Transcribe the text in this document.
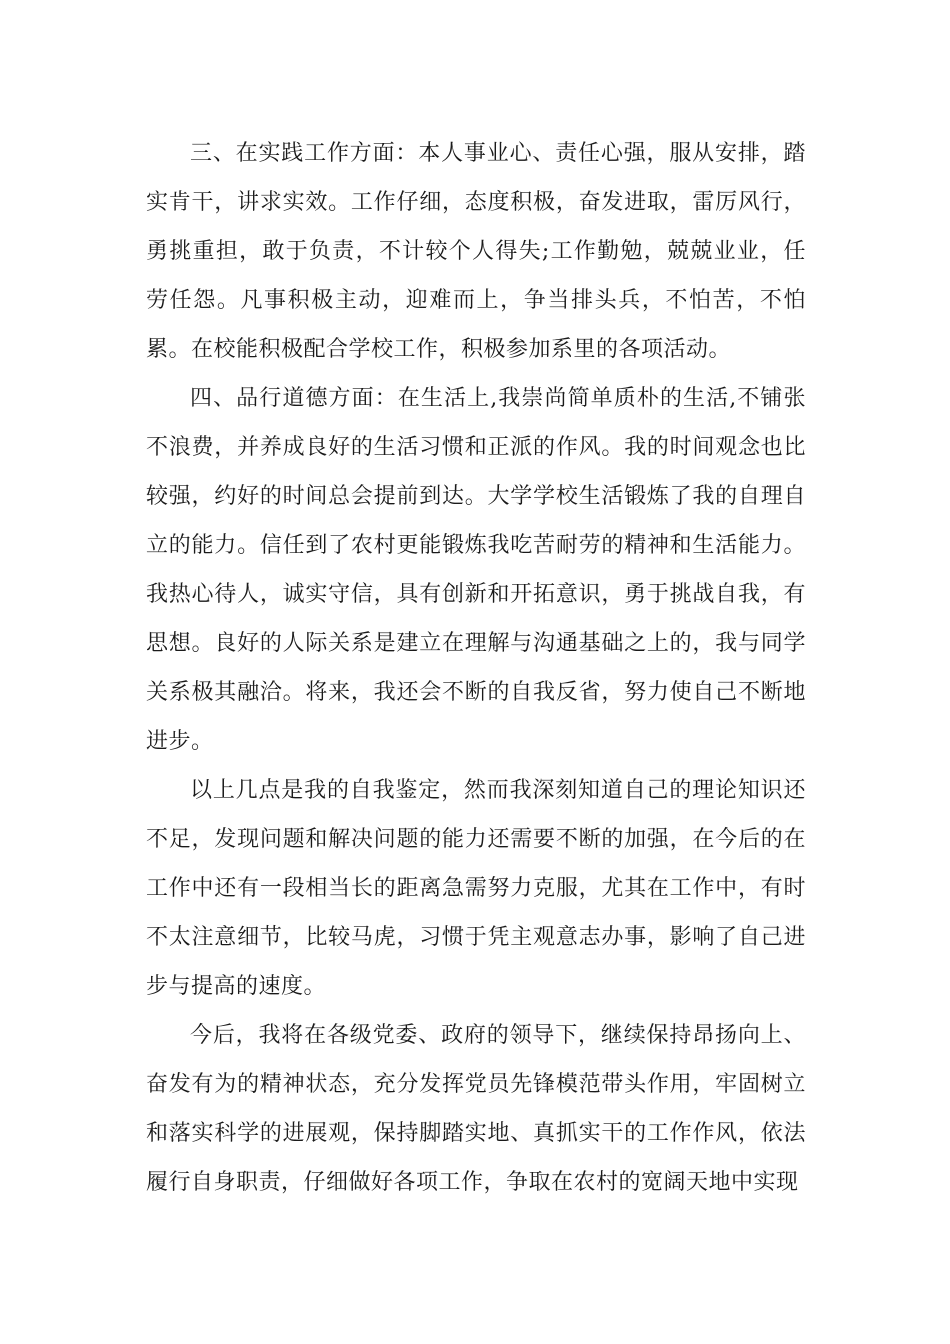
三、在实践工作方面：本人事业心、责任心强，服从安排，踏实肯干，讲求实效。工作仔细，态度积极，奋发进取，雷厉风行，勇挑重担，敢于负责，不计较个人得失;工作勤勉，兢兢业业，任劳任怨。凡事积极主动，迎难而上，争当排头兵，不怕苦，不怕累。在校能积极配合学校工作，积极参加系里的各项活动。

四、品行道德方面：在生活上,我崇尚简单质朴的生活,不铺张不浪费，并养成良好的生活习惯和正派的作风。我的时间观念也比较强，约好的时间总会提前到达。大学学校生活锻炼了我的自理自立的能力。信任到了农村更能锻炼我吃苦耐劳的精神和生活能力。我热心待人，诚实守信，具有创新和开拓意识，勇于挑战自我，有思想。良好的人际关系是建立在理解与沟通基础之上的，我与同学关系极其融洽。将来，我还会不断的自我反省，努力使自己不断地进步。

以上几点是我的自我鉴定，然而我深刻知道自己的理论知识还不足，发现问题和解决问题的能力还需要不断的加强，在今后的在工作中还有一段相当长的距离急需努力克服，尤其在工作中，有时不太注意细节，比较马虎，习惯于凭主观意志办事，影响了自己进步与提高的速度。

今后，我将在各级党委、政府的领导下，继续保持昂扬向上、奋发有为的精神状态，充分发挥党员先锋模范带头作用，牢固树立和落实科学的进展观，保持脚踏实地、真抓实干的工作作风，依法履行自身职责，仔细做好各项工作，争取在农村的宽阔天地中实现
